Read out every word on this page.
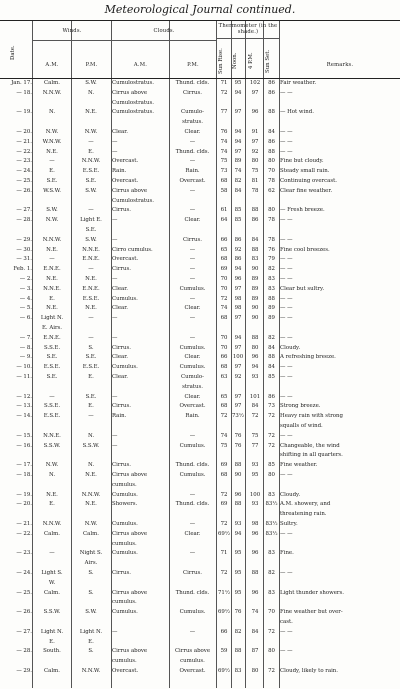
Meteorological Journal continued.
Date.
Winds.	Clouds.
Thermometer (in the shade.)
A.M.	P.M.	A.M.	P.M.	Sun Rise.	Noon.	4 P.M.	Sun Set.	Remarks.
Jan. 17.	Calm.	S.W.	Cumulostratus.	Thund. clds.	71	95	102	86 Fair weather.
— 18.	N.N.W.	N.	Cirrus above	Cirrus.	72	94	97	86 — —
Cumulostratus.
— 19.	N.	N.E.	Cumulostratus.	Cumulo-	77	97	96	88 — Hot wind.
stratus.
— 20.	N.W.	N.W.	Clear.	Clear.	76	94	91	84 — —
— 21.	W.N.W.	—	—	—	74	94	97	86 — —
— 22.	N.E.	E.	—	Thund. clds.	74	97	92	88 — —
— 23.	—	N.N.W.	Overcast.	—	75	89	80	80 Fine but cloudy.
— 24.	E.	E.S.E.	Rain.	Rain.	73	74	75	70 Steady small rain.
— 25.	S.E.	S.E.	Overcast.	Overcast.	68	82	81	78 Continuing overcast.
— 26.	W.S.W.	S.W.	Cirrus above	—	58	84	78	62 Clear fine weather.
Cumulostratus.
— 27.	S.W.	—	Cirrus.	—	61	85	88	80 — Fresh breeze.
— 28.	N.W.	Light E.	—	Clear.	64	85	86	78 — —
S.E.
— 29.	N.N.W.	S.W.	—	Cirrus.	66	86	84	78 — —
— 30.	N.E.	N.N.E.	Cirro cumulus.	—	65	92	88	76 Fine cool breezes.
— 31.	—	E.N.E.	Overcast.	—	68	86	83	79 — —
Feb. 1.	E.N.E.	—	Cirrus.	—	69	94	90	82 — —
— 2.	N.E.	N.E.	—	—	70	96	89	83 — —
— 3.	N.N.E.	E.N.E.	Clear.	Cumulus.	70	97	89	83 Clear but sultry.
— 4.	E.	E.S.E.	Cumulus.	—	72	98	89	88 — —
— 5.	N.E.	N.E.	Clear.	Clear.	74	98	90	89 — —
— 6.	Light N.	—	—	—	68	97	90	89 — —
E. Airs.
— 7.	E.N.E.	—	—	—	70	94	88	82 — —
— 8.	S.S.E.	S.	Cirrus.	Cumulus.	70	97	80	84 Cloudy.
— 9.	S.E.	S.E.	Clear.	Clear.	66	100	96	88 A refreshing breeze.
— 10.	E.S.E.	E.S.E.	Cumulus.	Cumulus.	68	97	94	84 — —
— 11.	S.E.	E.	Clear.	Cumulo-	63	92	93	85 — —
stratus.
— 12.	—	S.E.	—	Clear.	65	97	101	86 — —
— 13.	S.S.E.	E.	Cirrus.	Overcast.	68	97	84	73 Strong breeze.
— 14.	E.S.E.	—	Rain.	Rain.	72 73½	72	72 Heavy rain with strong
squalls of wind.
— 15.	N.N.E.	N.	—	—	74	76	75	72 — —
— 16.	S.S.W.	S.S.W.	—	Cumulus.	75	76	77	72 Changeable, the wind
shifting in all quarters.
— 17.	N.W.	N.	Cirrus.	Thund. clds.	69	88	93	85 Fine weather.
— 18.	N.	N.E.	Cirrus above	Cumulus.	68	90	95	80 — —
cumulus.
— 19.	N.E.	N.N.W.	Cumulus.	—	72	96	100	83 Cloudy.
— 20.	E.	N.E.	Showers.	Thund. clds.	69	88	93	83½ A.M. showery, and
threatening rain.
— 21.	N.N.W.	N.W.	Cumulus.	—	72	93	98	83½ Sultry.
— 22.	Calm.	Calm.	Cirrus above	Clear.	69½ 94	96	83½ — —
cumulus.
— 23.	—	Night S.	Cumulus.	—	71	95	96	83 Fine.
Airs.
— 24.	Light S.	S.	Cirrus.	Cirrus.	72	95	88	82 — —
W.
— 25.	Calm.	S.	Cirrus above	Thund. clds.	71½ 95	96	83 Light thunder showers.
cumulus.
— 26.	S.S.W.	S.W.	Cumulus.	Cumulus.	69½ 76	74	70 Fine weather but over-
cast.
— 27.	Light N.	Light N.	—	—	66	82	84	72 — —
E.	E.
— 28.	South.	S.	Cirrus above	Cirrus above	59	88	87	80 — —
cumulus.	cumulus.
— 29.	Calm.	N.N.W.	Overcast.	Overcast.	69½ 83	80	72 Cloudy, likely to rain.
